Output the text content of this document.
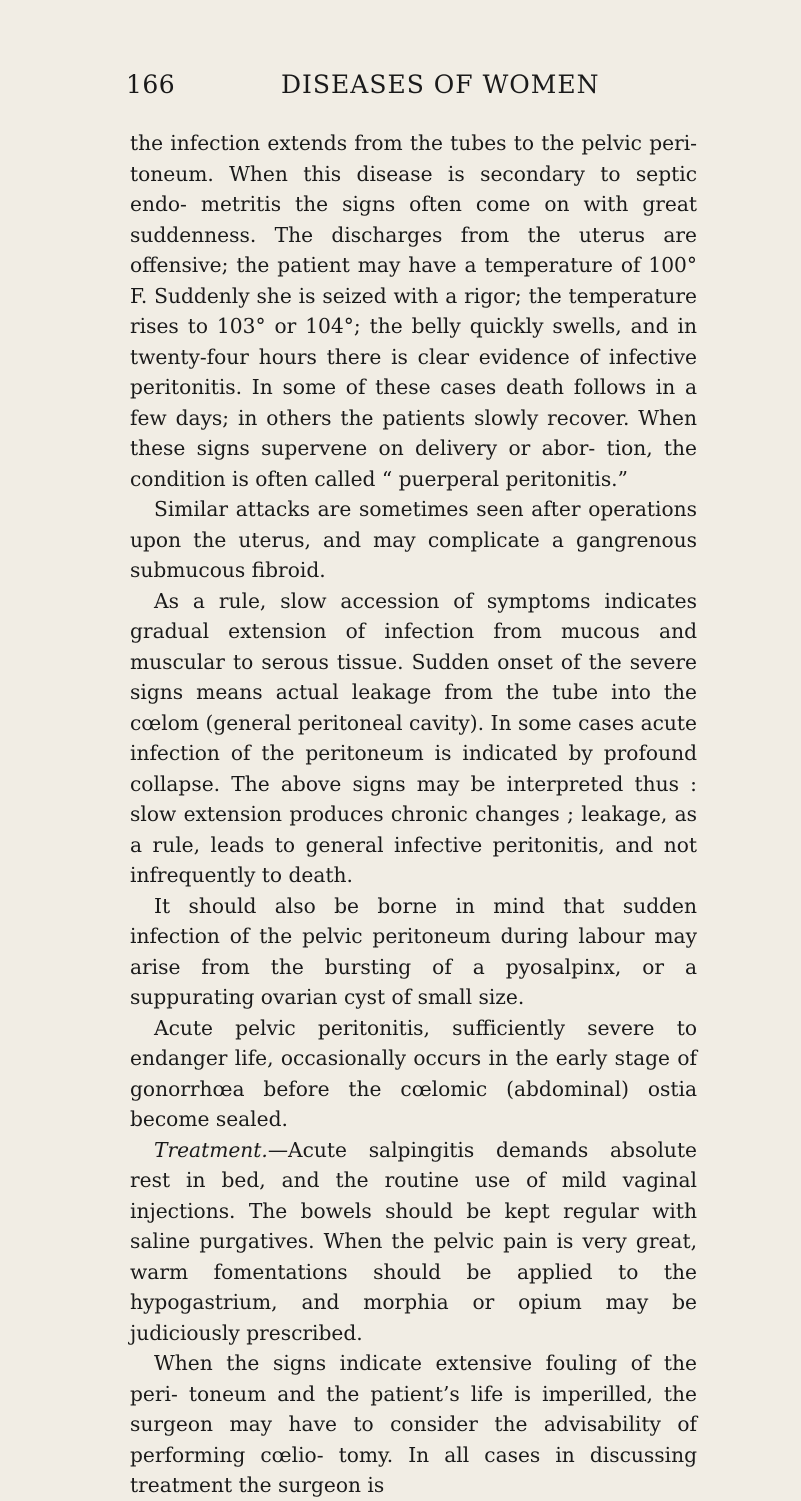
166	DISEASES OF WOMEN

the infection extends from the tubes to the pelvic peri- toneum. When this disease is secondary to septic endo- metritis the signs often come on with great suddenness. The discharges from the uterus are offensive; the patient may have a temperature of 100° F. Suddenly she is seized with a rigor; the temperature rises to 103° or 104°; the belly quickly swells, and in twenty-four hours there is clear evidence of infective peritonitis. In some of these cases death follows in a few days; in others the patients slowly recover. When these signs supervene on delivery or abor- tion, the condition is often called “ puerperal peritonitis.”

Similar attacks are sometimes seen after operations upon the uterus, and may complicate a gangrenous submucous fibroid.

As a rule, slow accession of symptoms indicates gradual extension of infection from mucous and muscular to serous tissue. Sudden onset of the severe signs means actual leakage from the tube into the cœlom (general peritoneal cavity). In some cases acute infection of the peritoneum is indicated by profound collapse. The above signs may be interpreted thus : slow extension produces chronic changes ; leakage, as a rule, leads to general infective peritonitis, and not infrequently to death.

It should also be borne in mind that sudden infection of the pelvic peritoneum during labour may arise from the bursting of a pyosalpinx, or a suppurating ovarian cyst of small size.

Acute pelvic peritonitis, sufficiently severe to endanger life, occasionally occurs in the early stage of gonorrhœa before the cœlomic (abdominal) ostia become sealed.

Treatment.—Acute salpingitis demands absolute rest in bed, and the routine use of mild vaginal injections. The bowels should be kept regular with saline purgatives. When the pelvic pain is very great, warm fomentations should be applied to the hypogastrium, and morphia or opium may be judiciously prescribed.

When the signs indicate extensive fouling of the peri- toneum and the patient’s life is imperilled, the surgeon may have to consider the advisability of performing cœlio- tomy. In all cases in discussing treatment the surgeon is
